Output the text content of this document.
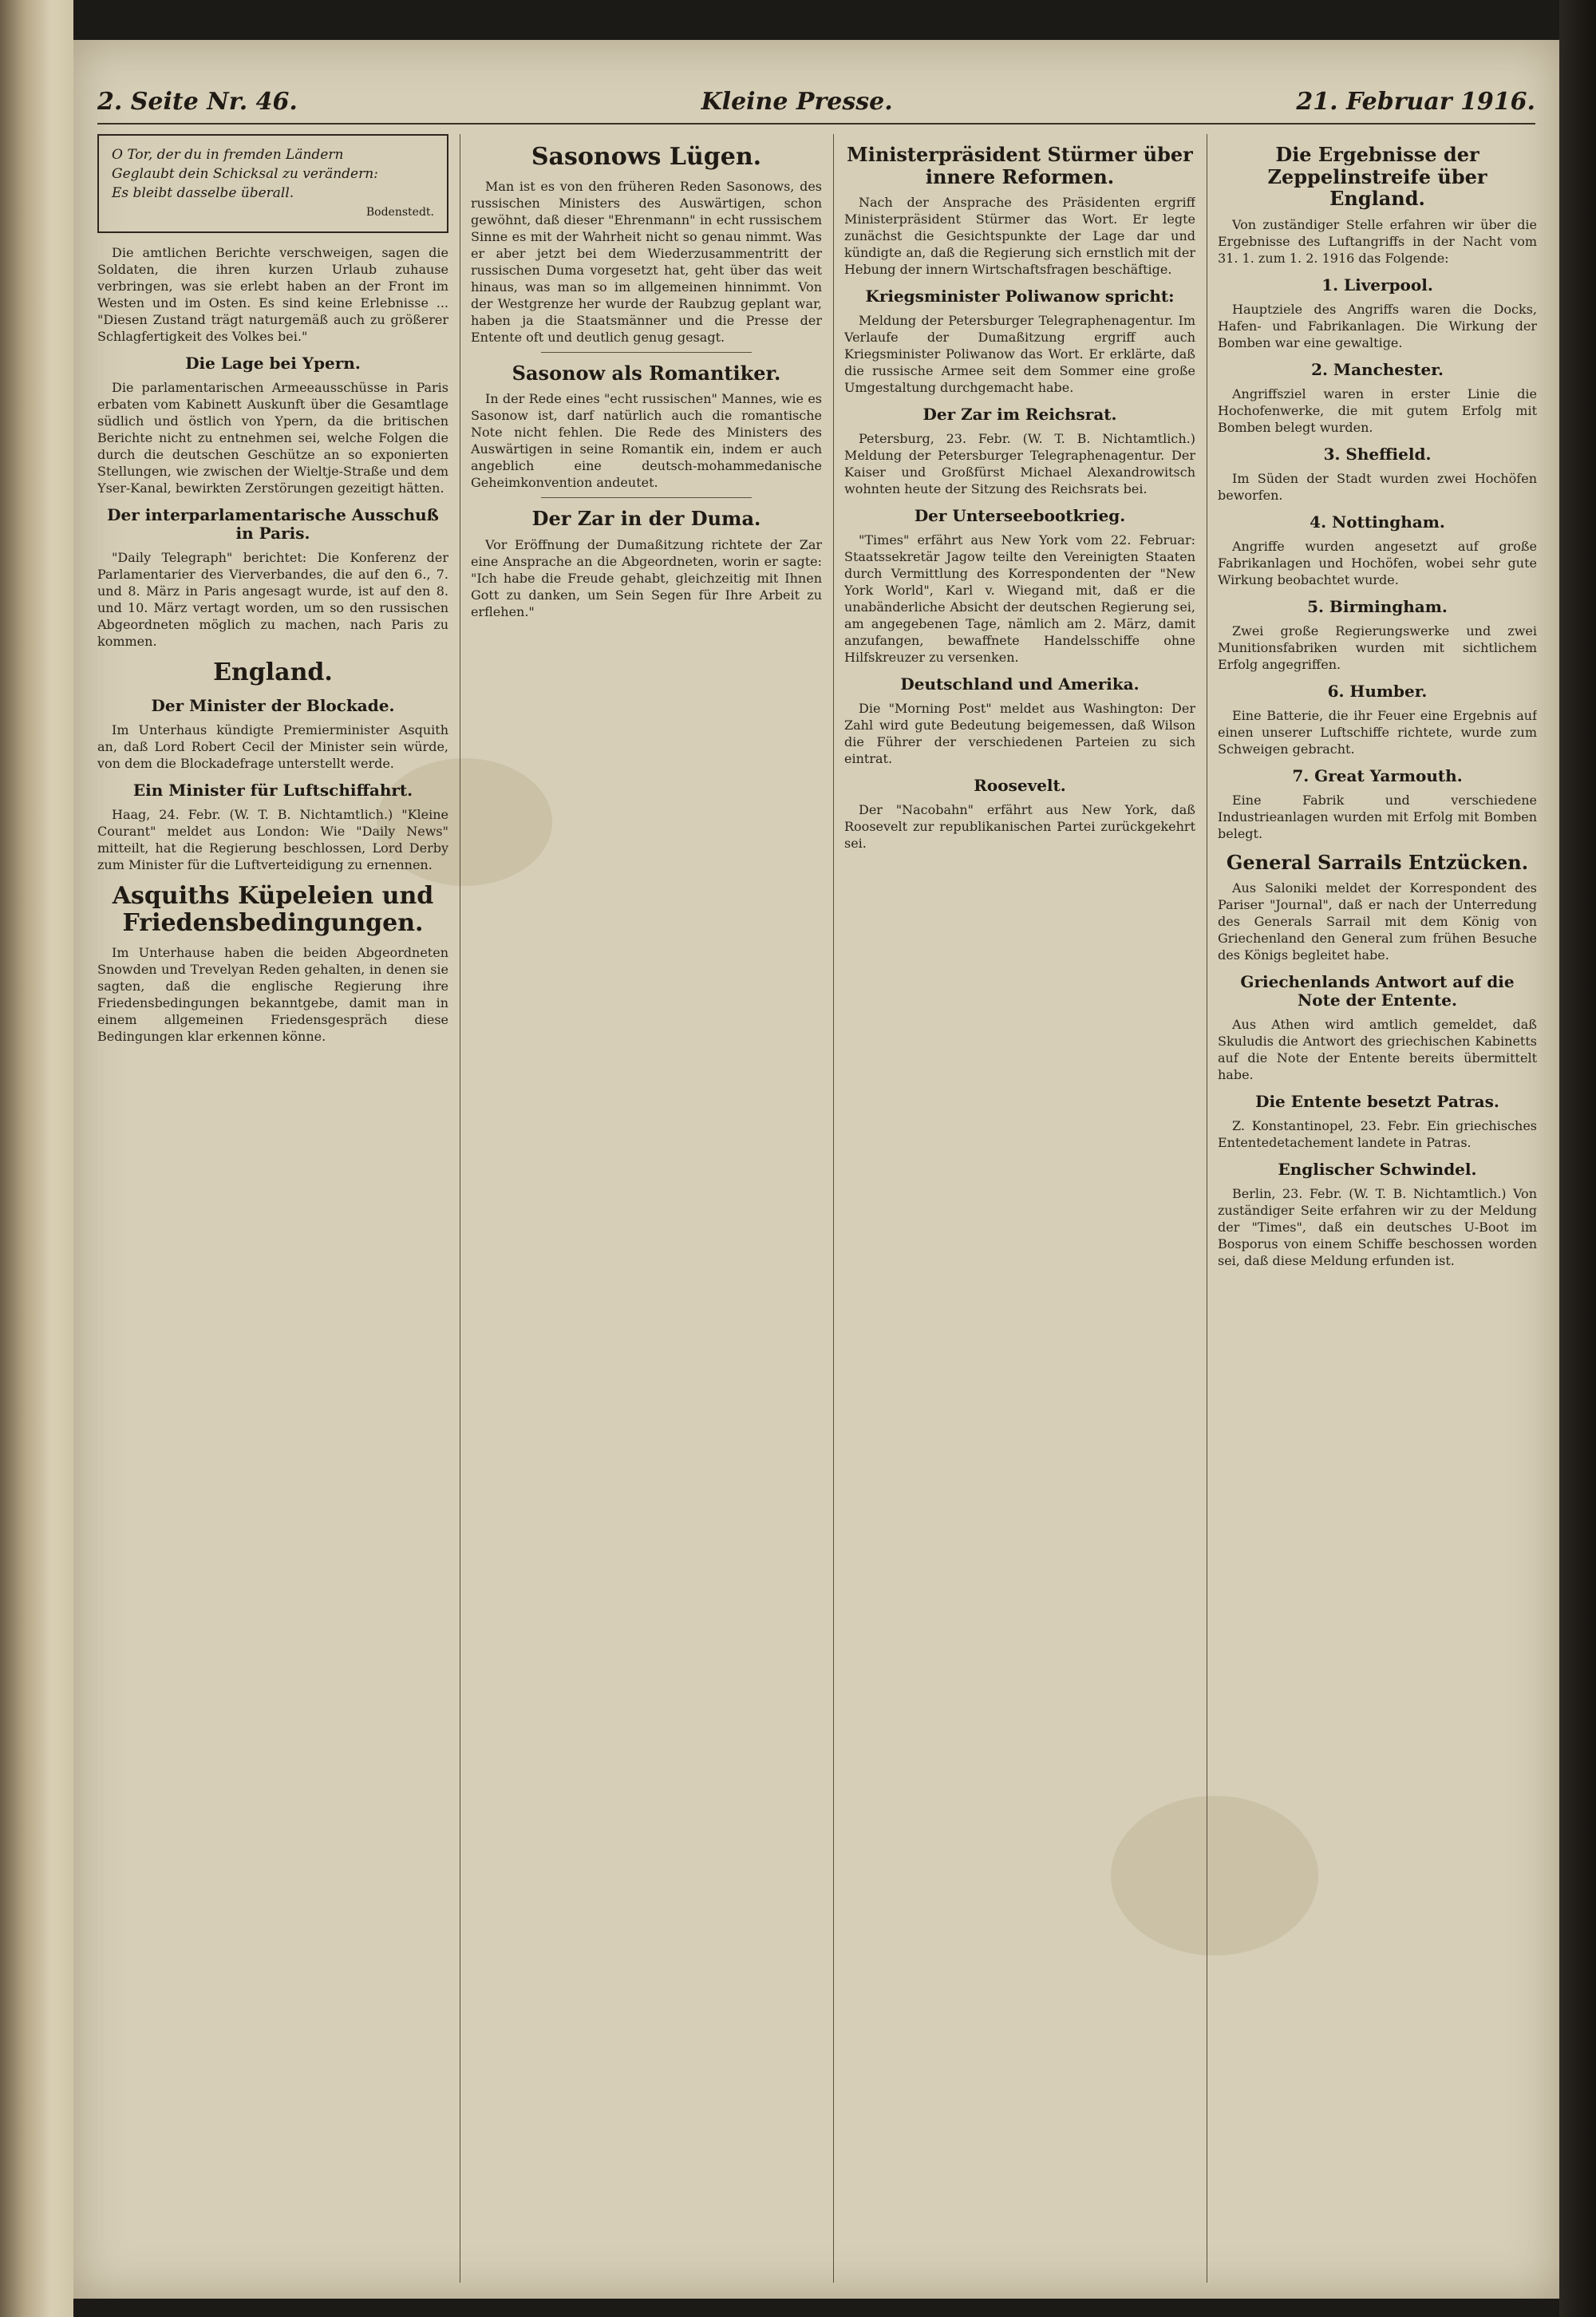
2. Seite Nr. 46.	Kleine Presse.	21. Februar 1916.
O Tor, der du in fremden Ländern
Geglaubt dein Schicksal zu verändern:
Es bleibt dasselbe überall.
Bodenstedt.

Die amtlichen Berichte verschweigen, sagen die Soldaten, die ihren kurzen Urlaub zuhause verbringen, was sie erlebt haben an der Front im Westen und im Osten. Es sind keine Erlebnisse ... "Diesen Zustand trägt naturgemäß auch zu größerer Schlagfertigkeit des Volkes bei."

Die Lage bei Ypern.

Die parlamentarischen Armeeausschüsse in Paris erbaten vom Kabinett Auskunft über die Gesamtlage südlich und östlich von Ypern, da die britischen Berichte nicht zu entnehmen sei, welche Folgen die durch die deutschen Geschütze an so exponierten Stellungen, wie zwischen der Wieltje-Straße und dem Yser-Kanal, bewirkten Zerstörungen gezeitigt hätten.

Der interparlamentarische Ausschuß in Paris.

"Daily Telegraph" berichtet: Die Konferenz der Parlamentarier des Vierverbandes, die auf den 6., 7. und 8. März in Paris angesagt wurde, ist auf den 8. und 10. März vertagt worden, um so den russischen Abgeordneten möglich zu machen, nach Paris zu kommen.

England.
Der Minister der Blockade.

Im Unterhaus kündigte Premierminister Asquith an, daß Lord Robert Cecil der Minister sein würde, von dem die Blockadefrage unterstellt werde.

Ein Minister für Luftschiffahrt.

Haag, 24. Febr. (W. T. B. Nichtamtlich.) "Kleine Courant" meldet aus London: Wie "Daily News" mitteilt, hat die Regierung beschlossen, Lord Derby zum Minister für die Luftverteidigung zu ernennen.

Asquiths Küpeleien und Friedensbedingungen.

Im Unterhause haben die beiden Abgeordneten Snowden und Trevelyan Reden gehalten, in denen sie sagten, daß die englische Regierung ihre Friedensbedingungen bekanntgebe, damit man in einem allgemeinen Friedensgespräch diese Bedingungen klar erkennen könne.

Sasonows Lügen.

Man ist es von den früheren Reden Sasonows, des russischen Ministers des Auswärtigen, schon gewöhnt, daß dieser "Ehrenmann" in echt russischem Sinne es mit der Wahrheit nicht so genau nimmt. Was er aber jetzt bei dem Wiederzusammentritt der russischen Duma vorgesetzt hat, geht über das weit hinaus, was man so im allgemeinen hinnimmt. Von der Westgrenze her wurde der Raubzug geplant war, haben ja die Staatsmänner und die Presse der Entente oft und deutlich genug gesagt.

Sasonow als Romantiker.

In der Rede eines "echt russischen" Mannes, wie es Sasonow ist, darf natürlich auch die romantische Note nicht fehlen. Die Rede des Ministers des Auswärtigen in seine Romantik ein, indem er auch angeblich eine deutsch-mohammedanische Geheimkonvention andeutet.

Der Zar in der Duma.

Vor Eröffnung der Dumaßitzung richtete der Zar eine Ansprache an die Abgeordneten, worin er sagte: "Ich habe die Freude gehabt, gleichzeitig mit Ihnen Gott zu danken, um Sein Segen für Ihre Arbeit zu erflehen."

Ministerpräsident Stürmer über innere Reformen.

Nach der Ansprache des Präsidenten ergriff Ministerpräsident Stürmer das Wort. Er legte zunächst die Gesichtspunkte der Lage dar und kündigte an, daß die Regierung sich ernstlich mit der Hebung der innern Wirtschaftsfragen beschäftige.

Kriegsminister Poliwanow spricht:

Meldung der Petersburger Telegraphenagentur. Im Verlaufe der Dumaßitzung ergriff auch Kriegsminister Poliwanow das Wort. Er erklärte, daß die russische Armee seit dem Sommer eine große Umgestaltung durchgemacht habe.

Der Zar im Reichsrat.

Petersburg, 23. Febr. (W. T. B. Nichtamtlich.) Meldung der Petersburger Telegraphenagentur. Der Kaiser und Großfürst Michael Alexandrowitsch wohnten heute der Sitzung des Reichsrats bei.

Der Unterseebootkrieg.

"Times" erfährt aus New York vom 22. Februar: Staatssekretär Jagow teilte den Vereinigten Staaten durch Vermittlung des Korrespondenten der "New York World", Karl v. Wiegand mit, daß er die unabänderliche Absicht der deutschen Regierung sei, am angegebenen Tage, nämlich am 2. März, damit anzufangen, bewaffnete Handelsschiffe ohne Hilfskreuzer zu versenken.

Deutschland und Amerika.

Die "Morning Post" meldet aus Washington: Der Zahl wird gute Bedeutung beigemessen, daß Wilson die Führer der verschiedenen Parteien zu sich eintrat.

Roosevelt.

Der "Nacobahn" erfährt aus New York, daß Roosevelt zur republikanischen Partei zurückgekehrt sei.

Die Ergebnisse der Zeppelinstreife über England.

Von zuständiger Stelle erfahren wir über die Ergebnisse des Luftangriffs in der Nacht vom 31. 1. zum 1. 2. 1916 das Folgende:

1. Liverpool.

Hauptziele des Angriffs waren die Docks, Hafen- und Fabrikanlagen. Die Wirkung der Bomben war eine gewaltige.

2. Manchester.

Angriffsziel waren in erster Linie die Hochofenwerke, die mit gutem Erfolg mit Bomben belegt wurden.

3. Sheffield.

Im Süden der Stadt wurden zwei Hochöfen beworfen.

4. Nottingham.

Angriffe wurden angesetzt auf große Fabrikanlagen und Hochöfen, wobei sehr gute Wirkung beobachtet wurde.

5. Birmingham.

Zwei große Regierungswerke und zwei Munitionsfabriken wurden mit sichtlichem Erfolg angegriffen.

6. Humber.

Eine Batterie, die ihr Feuer eine Ergebnis auf einen unserer Luftschiffe richtete, wurde zum Schweigen gebracht.

7. Great Yarmouth.

Eine Fabrik und verschiedene Industrieanlagen wurden mit Erfolg mit Bomben belegt.

General Sarrails Entzücken.

Aus Saloniki meldet der Korrespondent des Pariser "Journal", daß er nach der Unterredung des Generals Sarrail mit dem König von Griechenland den General zum frühen Besuche des Königs begleitet habe.

Griechenlands Antwort auf die Note der Entente.

Aus Athen wird amtlich gemeldet, daß Skuludis die Antwort des griechischen Kabinetts auf die Note der Entente bereits übermittelt habe.

Die Entente besetzt Patras.

Z. Konstantinopel, 23. Febr. Ein griechisches Ententedetachement landete in Patras.

Englischer Schwindel.

Berlin, 23. Febr. (W. T. B. Nichtamtlich.) Von zuständiger Seite erfahren wir zu der Meldung der "Times", daß ein deutsches U-Boot im Bosporus von einem Schiffe beschossen worden sei, daß diese Meldung erfunden ist.
